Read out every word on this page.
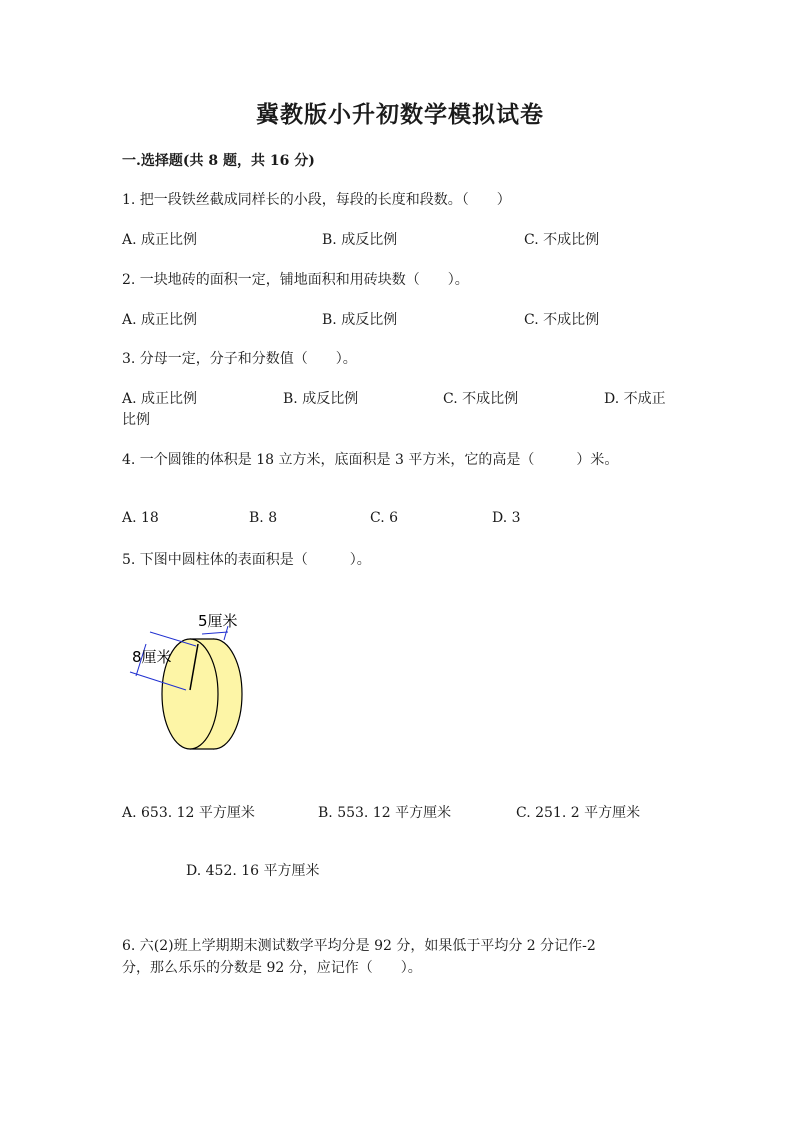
冀教版小升初数学模拟试卷
一.选择题(共 8 题，共 16 分)
1. 把一段铁丝截成同样长的小段，每段的长度和段数。（　　）
A. 成正比例	B. 成反比例	C. 不成比例
2. 一块地砖的面积一定，铺地面积和用砖块数（　　）。
A. 成正比例	B. 成反比例	C. 不成比例
3. 分母一定，分子和分数值（　　）。
A. 成正比例	B. 成反比例	C. 不成比例	D. 不成正
比例
4. 一个圆锥的体积是 18 立方米，底面积是 3 平方米，它的高是（　　　）米。
A. 18	B. 8	C. 6	D. 3
5. 下图中圆柱体的表面积是（　　　）。
5厘米
8厘米
A. 653. 12 平方厘米	B. 553. 12 平方厘米	C. 251. 2 平方厘米
D. 452. 16 平方厘米
6. 六(2)班上学期期末测试数学平均分是 92 分，如果低于平均分 2 分记作-2
分，那么乐乐的分数是 92 分，应记作（　　）。
